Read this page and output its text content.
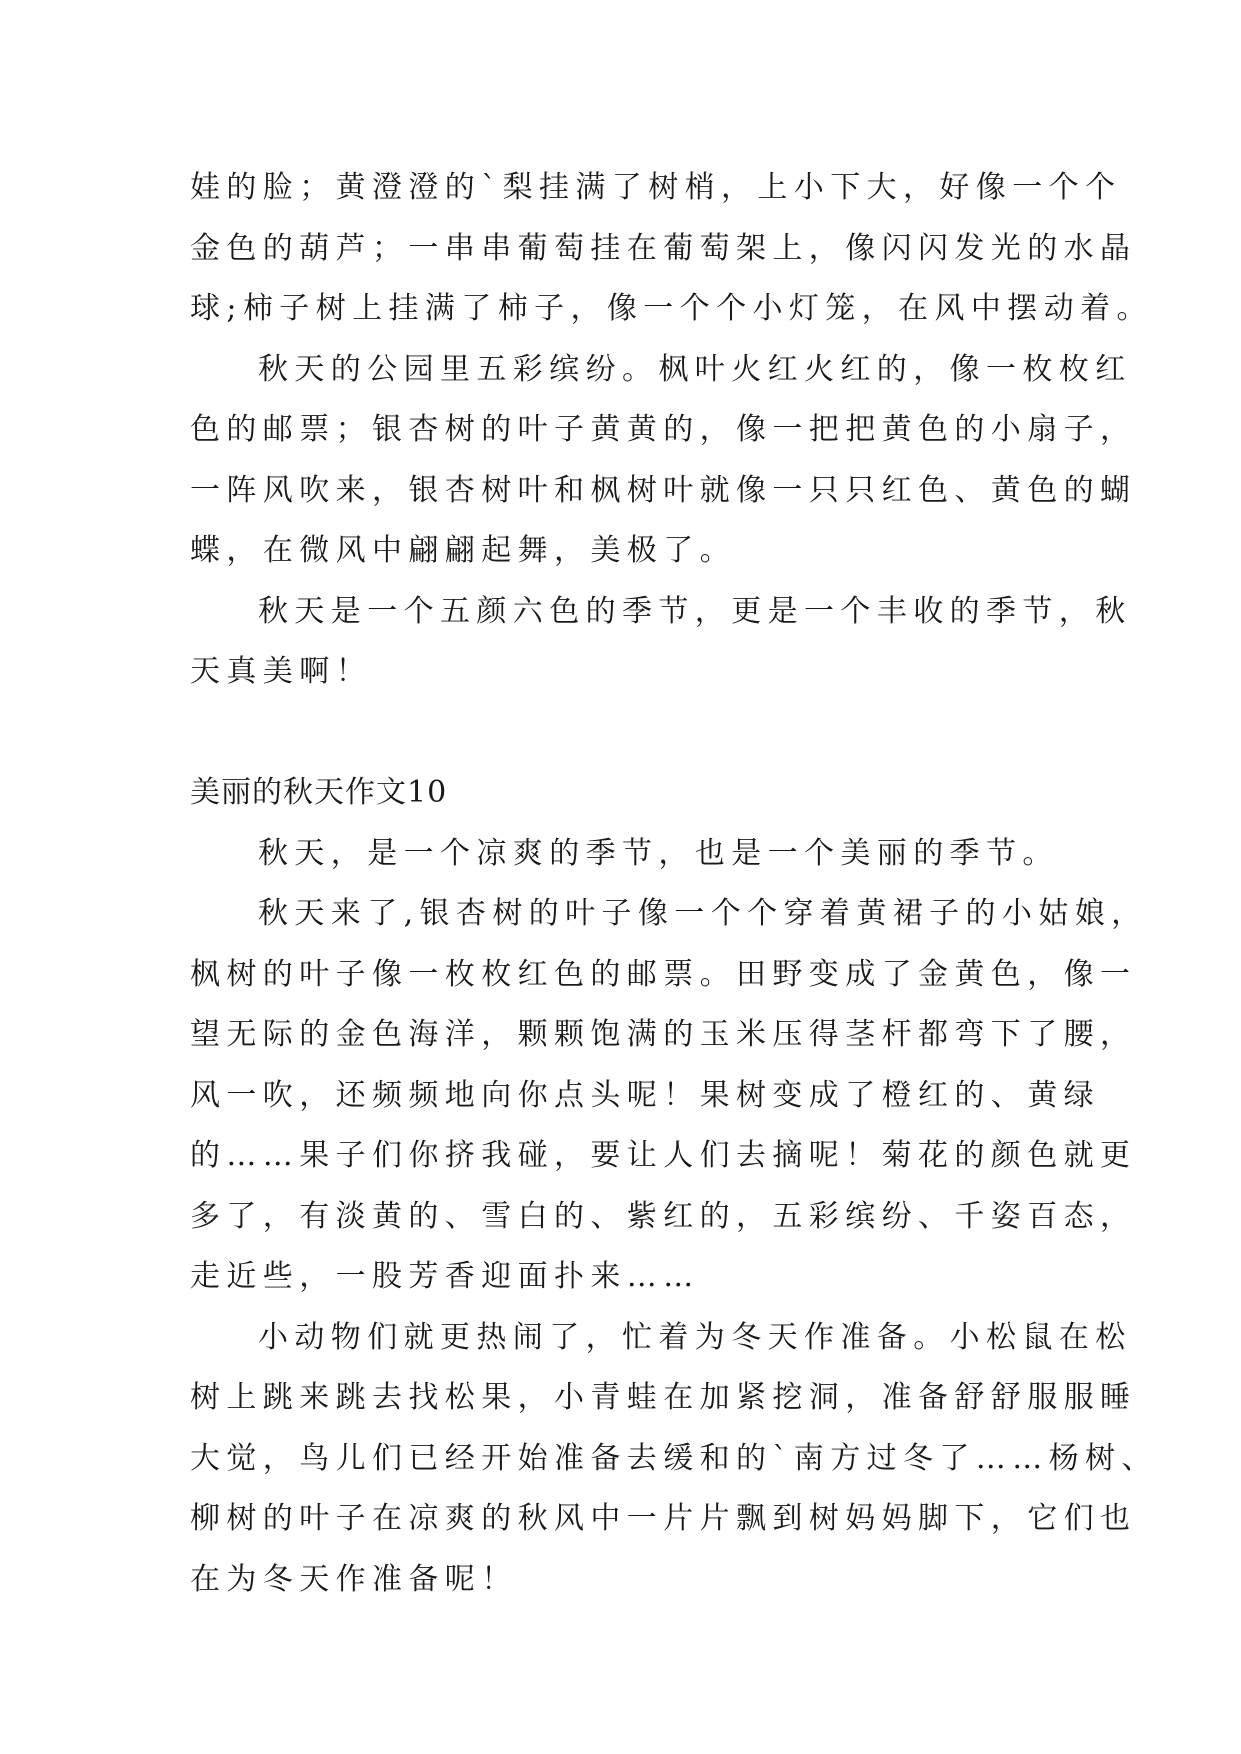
娃的脸；黄澄澄的`梨挂满了树梢，上小下大，好像一个个
金色的葫芦；一串串葡萄挂在葡萄架上，像闪闪发光的水晶
球;柿子树上挂满了柿子，像一个个小灯笼，在风中摆动着。
秋天的公园里五彩缤纷。枫叶火红火红的，像一枚枚红
色的邮票；银杏树的叶子黄黄的，像一把把黄色的小扇子，
一阵风吹来，银杏树叶和枫树叶就像一只只红色、黄色的蝴
蝶，在微风中翩翩起舞，美极了。
秋天是一个五颜六色的季节，更是一个丰收的季节，秋
天真美啊！
美丽的秋天作文10
秋天，是一个凉爽的季节，也是一个美丽的季节。
秋天来了,银杏树的叶子像一个个穿着黄裙子的小姑娘，
枫树的叶子像一枚枚红色的邮票。田野变成了金黄色，像一
望无际的金色海洋，颗颗饱满的玉米压得茎杆都弯下了腰，
风一吹，还频频地向你点头呢！果树变成了橙红的、黄绿
的……果子们你挤我碰，要让人们去摘呢！菊花的颜色就更
多了，有淡黄的、雪白的、紫红的，五彩缤纷、千姿百态，
走近些，一股芳香迎面扑来……
小动物们就更热闹了，忙着为冬天作准备。小松鼠在松
树上跳来跳去找松果，小青蛙在加紧挖洞，准备舒舒服服睡
大觉，鸟儿们已经开始准备去缓和的`南方过冬了……杨树、
柳树的叶子在凉爽的秋风中一片片飘到树妈妈脚下，它们也
在为冬天作准备呢！
